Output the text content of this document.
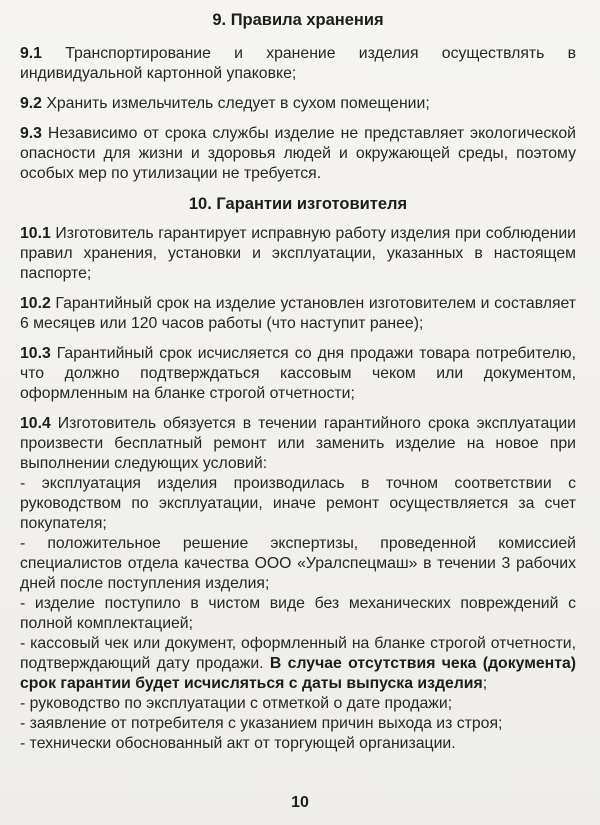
9. Правила хранения

9.1 Транспортирование и хранение изделия осуществлять в индивидуальной картонной упаковке;

9.2 Хранить измельчитель следует в сухом помещении;

9.3 Независимо от срока службы изделие не представляет экологической опасности для жизни и здоровья людей и окружающей среды, поэтому особых мер по утилизации не требуется.

10. Гарантии изготовителя

10.1 Изготовитель гарантирует исправную работу изделия при соблюдении правил хранения, установки и эксплуатации, указанных в настоящем паспорте;

10.2 Гарантийный срок на изделие установлен изготовителем и составляет 6 месяцев или 120 часов работы (что наступит ранее);

10.3 Гарантийный срок исчисляется со дня продажи товара потребителю, что должно подтверждаться кассовым чеком или документом, оформленным на бланке строгой отчетности;

10.4 Изготовитель обязуется в течении гарантийного срока эксплуатации произвести бесплатный ремонт или заменить изделие на новое при выполнении следующих условий:

- эксплуатация изделия производилась в точном соответствии с руководством по эксплуатации, иначе ремонт осуществляется за счет покупателя;

- положительное решение экспертизы, проведенной комиссией специалистов отдела качества ООО «Уралспецмаш» в течении 3 рабочих дней после поступления изделия;

- изделие поступило в чистом виде без механических повреждений с полной комплектацией;

- кассовый чек или документ, оформленный на бланке строгой отчетности, подтверждающий дату продажи. В случае отсутствия чека (документа) срок гарантии будет исчисляться с даты выпуска изделия;

- руководство по эксплуатации с отметкой о дате продажи;

- заявление от потребителя с указанием причин выхода из строя;

- технически обоснованный акт от торгующей организации.

10
